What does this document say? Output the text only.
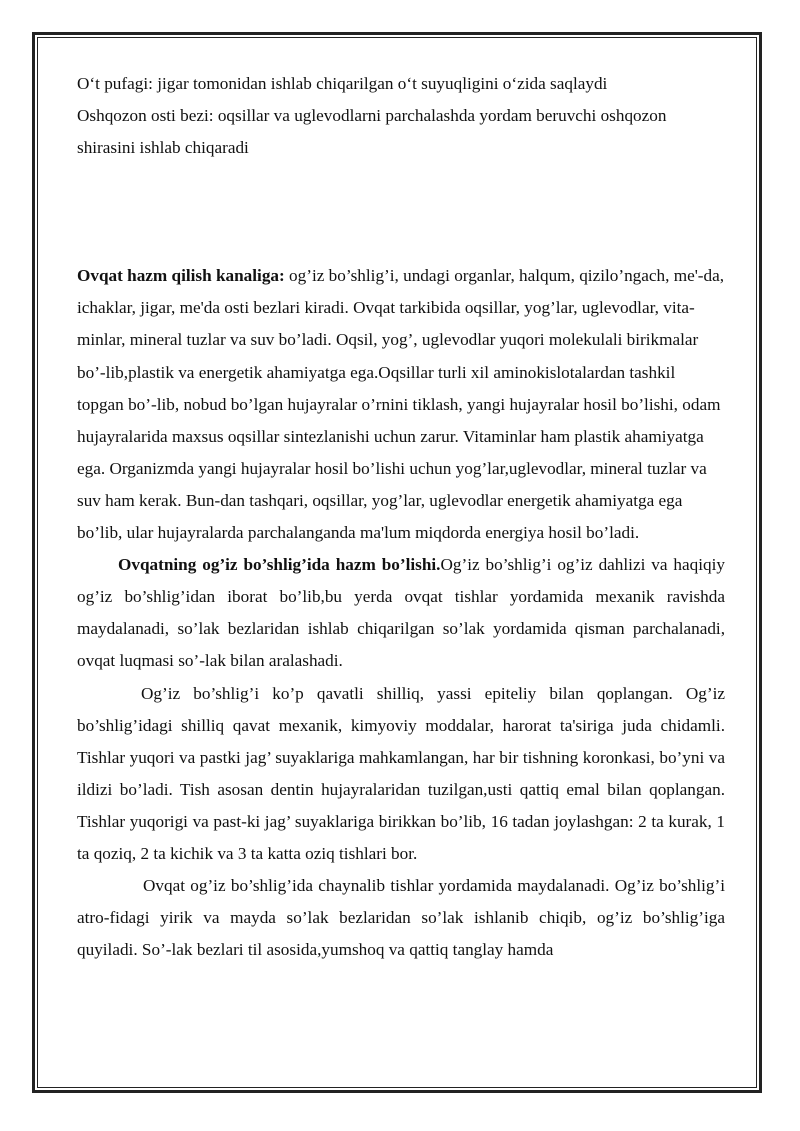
O‘t pufagi: jigar tomonidan ishlab chiqarilgan o‘t suyuqligini o‘zida saqlaydi

Oshqozon osti bezi: oqsillar va uglevodlarni parchalashda yordam beruvchi oshqozon shirasini ishlab chiqaradi

Ovqat hazm qilish kanaliga: og’iz bo’shlig’i, undagi organlar, halqum, qizilo’ngach, me'-da, ichaklar, jigar, me'da osti bezlari kiradi. Ovqat tarkibida oqsillar, yog’lar, uglevodlar, vita-minlar, mineral tuzlar va suv bo’ladi. Oqsil, yog’, uglevodlar yuqori molekulali birikmalar bo’-lib,plastik va energetik ahamiyatga ega.Oqsillar turli xil aminokislotalardan tashkil topgan bo’-lib, nobud bo’lgan hujayralar o’rnini tiklash, yangi hujayralar hosil bo’lishi, odam hujayralarida maxsus oqsillar sintezlanishi uchun zarur. Vitaminlar ham plastik ahamiyatga ega. Organizmda yangi hujayralar hosil bo’lishi uchun yog’lar,uglevodlar, mineral tuzlar va suv ham kerak. Bun-dan tashqari, oqsillar, yog’lar, uglevodlar energetik ahamiyatga ega bo’lib, ular hujayralarda parchalanganda ma'lum miqdorda energiya hosil bo’ladi.

Ovqatning og’iz bo’shlig’ida hazm bo’lishi.Og’iz bo’shlig’i og’iz dahlizi va haqiqiy og’iz bo’shlig’idan iborat bo’lib,bu yerda ovqat tishlar yordamida mexanik ravishda maydalanadi, so’lak bezlaridan ishlab chiqarilgan so’lak yordamida qisman parchalanadi, ovqat luqmasi so’-lak bilan aralashadi.

Og’iz bo’shlig’i ko’p qavatli shilliq, yassi epiteliy bilan qoplangan. Og’iz bo’shlig’idagi shilliq qavat mexanik, kimyoviy moddalar, harorat ta'siriga juda chidamli. Tishlar yuqori va pastki jag’ suyaklariga mahkamlangan, har bir tishning koronkasi, bo’yni va ildizi bo’ladi. Tish asosan dentin hujayralaridan tuzilgan,usti qattiq emal bilan qoplangan. Tishlar yuqorigi va past-ki jag’ suyaklariga birikkan bo’lib, 16 tadan joylashgan: 2 ta kurak, 1 ta qoziq, 2 ta kichik va 3 ta katta oziq tishlari bor.

Ovqat og’iz bo’shlig’ida chaynalib tishlar yordamida maydalanadi. Og’iz bo’shlig’i atro-fidagi yirik va mayda so’lak bezlaridan so’lak ishlanib chiqib, og’iz bo’shlig’iga quyiladi. So’-lak bezlari til asosida,yumshoq va qattiq tanglay hamda
